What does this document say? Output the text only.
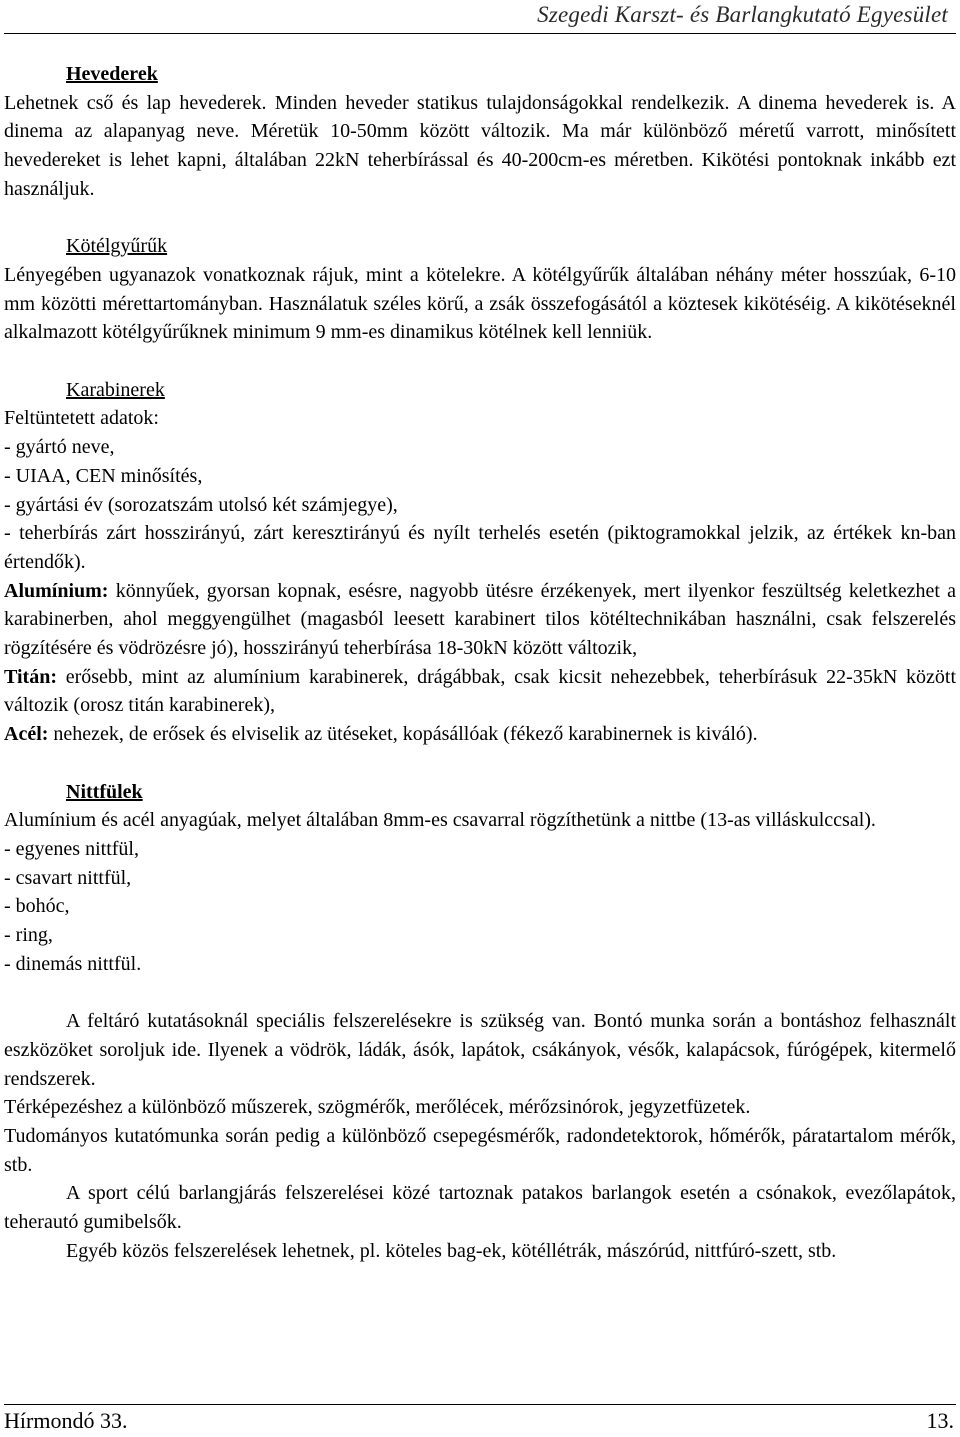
Szegedi Karszt- és Barlangkutató Egyesület

Hevederek

Lehetnek cső és lap hevederek. Minden heveder statikus tulajdonságokkal rendelkezik. A dinema hevederek is. A dinema az alapanyag neve. Méretük 10-50mm között változik. Ma már különböző méretű varrott, minősített hevedereket is lehet kapni, általában 22kN teherbírással és 40-200cm-es méretben. Kikötési pontoknak inkább ezt használjuk.

Kötélgyűrűk

Lényegében ugyanazok vonatkoznak rájuk, mint a kötelekre. A kötélgyűrűk általában néhány méter hosszúak, 6-10 mm közötti mérettartományban. Használatuk széles körű, a zsák összefogásától a köztesek kikötéséig. A kikötéseknél alkalmazott kötélgyűrűknek minimum 9 mm-es dinamikus kötélnek kell lenniük.

Karabinerek

Feltüntetett adatok:

- gyártó neve,

- UIAA, CEN minősítés,

- gyártási év (sorozatszám utolsó két számjegye),

- teherbírás zárt hosszirányú, zárt keresztirányú és nyílt terhelés esetén (piktogramokkal jelzik, az értékek kn-ban értendők).

Alumínium: könnyűek, gyorsan kopnak, esésre, nagyobb ütésre érzékenyek, mert ilyenkor feszültség keletkezhet a karabinerben, ahol meggyengülhet (magasból leesett karabinert tilos kötéltechnikában használni, csak felszerelés rögzítésére és vödrözésre jó), hosszirányú teherbírása 18-30kN között változik,

Titán: erősebb, mint az alumínium karabinerek, drágábbak, csak kicsit nehezebbek, teherbírásuk 22-35kN között változik (orosz titán karabinerek),

Acél: nehezek, de erősek és elviselik az ütéseket, kopásállóak (fékező karabinernek is kiváló).

Nittfülek

Alumínium és acél anyagúak, melyet általában 8mm-es csavarral rögzíthetünk a nittbe (13-as villáskulccsal).

- egyenes nittfül,

- csavart nittfül,

- bohóc,

- ring,

- dinemás nittfül.

A feltáró kutatásoknál speciális felszerelésekre is szükség van. Bontó munka során a bontáshoz felhasznált eszközöket soroljuk ide. Ilyenek a vödrök, ládák, ásók, lapátok, csákányok, vésők, kalapácsok, fúrógépek, kitermelő rendszerek.

Térképezéshez a különböző műszerek, szögmérők, merőlécek, mérőzsinórok, jegyzetfüzetek.

Tudományos kutatómunka során pedig a különböző csepegésmérők, radondetektorok, hőmérők, páratartalom mérők, stb.

A sport célú barlangjárás felszerelései közé tartoznak patakos barlangok esetén a csónakok, evezőlapátok, teherautó gumibelsők.

Egyéb közös felszerelések lehetnek, pl. köteles bag-ek, kötéllétrák, mászórúd, nittfúró-szett, stb.

Hírmondó 33.	13.
